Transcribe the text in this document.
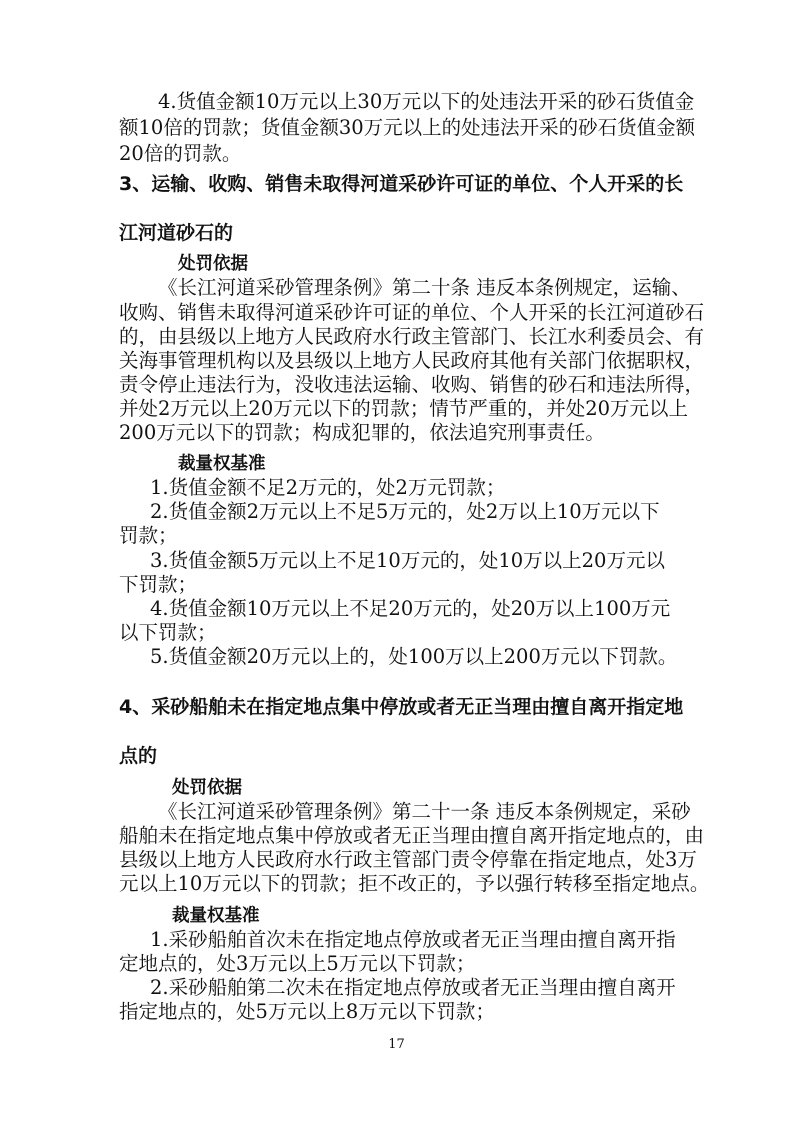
4.货值金额10万元以上30万元以下的处违法开采的砂石货值金
额10倍的罚款；货值金额30万元以上的处违法开采的砂石货值金额
20倍的罚款。
3、运输、收购、销售未取得河道采砂许可证的单位、个人开采的长
江河道砂石的
处罚依据
《长江河道采砂管理条例》第二十条 违反本条例规定，运输、
收购、销售未取得河道采砂许可证的单位、个人开采的长江河道砂石
的，由县级以上地方人民政府水行政主管部门、长江水利委员会、有
关海事管理机构以及县级以上地方人民政府其他有关部门依据职权，
责令停止违法行为，没收违法运输、收购、销售的砂石和违法所得，
并处2万元以上20万元以下的罚款；情节严重的，并处20万元以上
200万元以下的罚款；构成犯罪的，依法追究刑事责任。
裁量权基准
1.货值金额不足2万元的，处2万元罚款；
2.货值金额2万元以上不足5万元的，处2万以上10万元以下
罚款；
3.货值金额5万元以上不足10万元的，处10万以上20万元以
下罚款；
4.货值金额10万元以上不足20万元的，处20万以上100万元
以下罚款；
5.货值金额20万元以上的，处100万以上200万元以下罚款。
4、采砂船舶未在指定地点集中停放或者无正当理由擅自离开指定地
点的
处罚依据
《长江河道采砂管理条例》第二十一条 违反本条例规定，采砂
船舶未在指定地点集中停放或者无正当理由擅自离开指定地点的，由
县级以上地方人民政府水行政主管部门责令停靠在指定地点，处3万
元以上10万元以下的罚款；拒不改正的，予以强行转移至指定地点。
裁量权基准
1.采砂船舶首次未在指定地点停放或者无正当理由擅自离开指
定地点的，处3万元以上5万元以下罚款；
2.采砂船舶第二次未在指定地点停放或者无正当理由擅自离开
指定地点的，处5万元以上8万元以下罚款；
17
